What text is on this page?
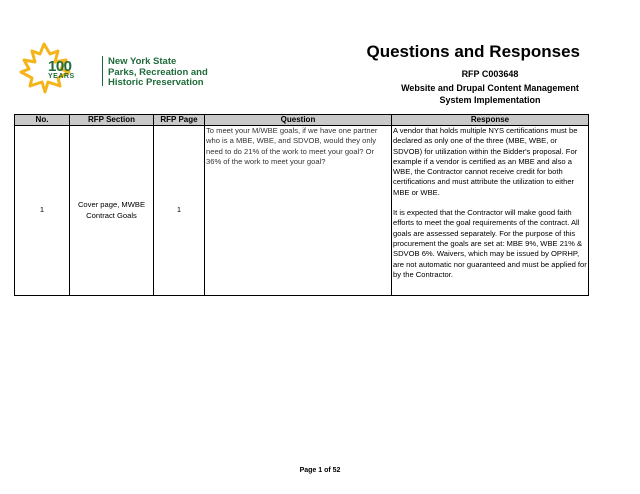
100
YEARS
New York State
Parks, Recreation and
Historic Preservation
Questions and Responses
RFP C003648
Website and Drupal Content Management
System Implementation
No.	RFP Section	RFP Page	Question	Response
1	Cover page, MWBE Contract Goals	1	To meet your M/WBE goals, if we have one partner who is a MBE, WBE, and SDVOB, would they only need to do 21% of the work to meet your goal? Or 36% of the work to meet your goal?	A vendor that holds multiple NYS certifications must be declared as only one of the three (MBE, WBE, or SDVOB) for utilization within the Bidder's proposal. For example if a vendor is certified as an MBE and also a WBE, the Contractor cannot receive credit for both certifications and must attribute the utilization to either MBE or WBE.

It is expected that the Contractor will make good faith efforts to meet the goal requirements of the contract. All goals are assessed separately. For the purpose of this procurement the goals are set at: MBE 9%, WBE 21% & SDVOB 6%. Waivers, which may be issued by OPRHP, are not automatic nor guaranteed and must be applied for by the Contractor.

Page 1 of 52
